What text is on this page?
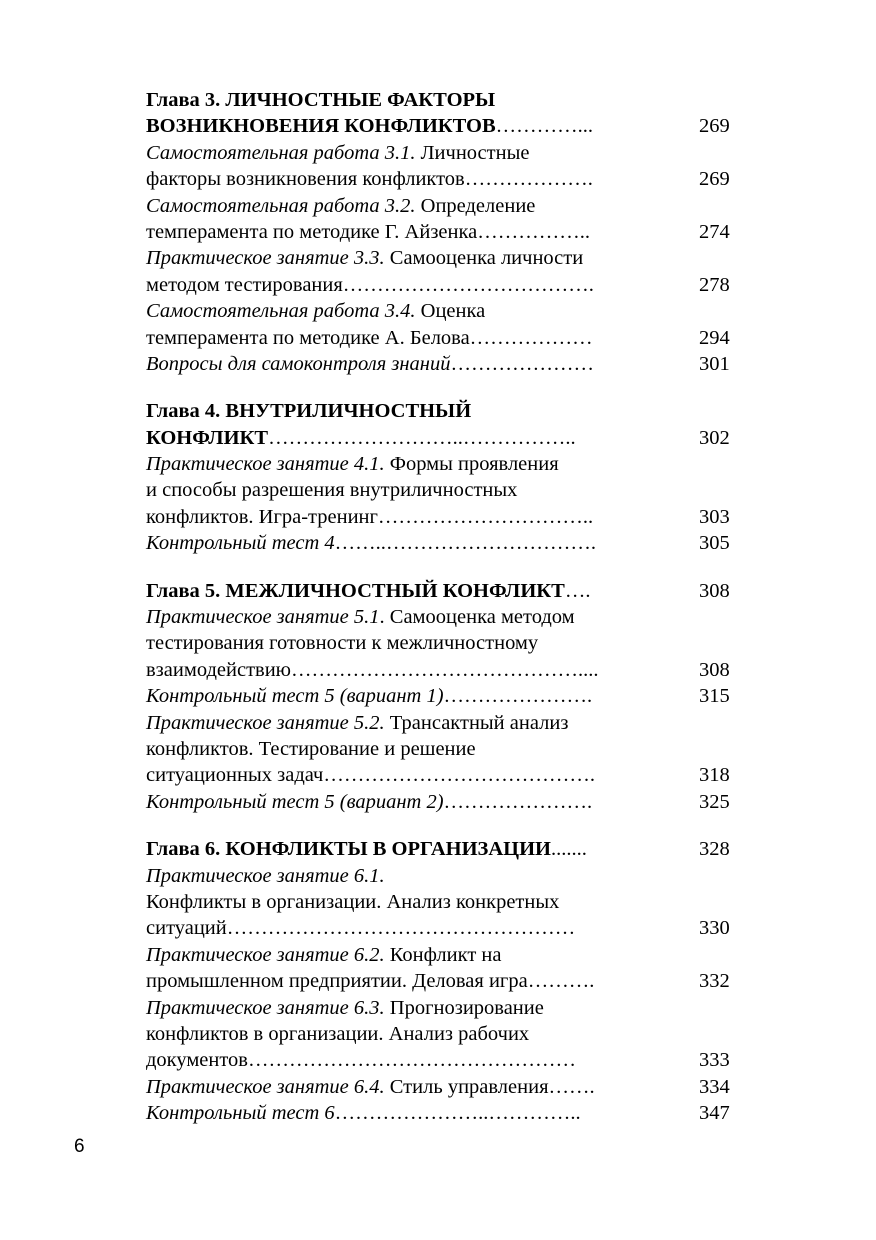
Глава 3. ЛИЧНОСТНЫЕ ФАКТОРЫ
ВОЗНИКНОВЕНИЯ КОНФЛИКТОВ…………...	269
Самостоятельная работа 3.1. Личностные
факторы возникновения конфликтов……………….	269
Самостоятельная работа 3.2. Определение
темперамента по методике Г. Айзенка……………..	274
Практическое занятие 3.3. Самооценка личности
методом тестирования……………………………….	278
Самостоятельная работа 3.4. Оценка
темперамента по методике А. Белова………………	294
Вопросы для самоконтроля знаний…………………	301
Глава 4. ВНУТРИЛИЧНОСТНЫЙ
КОНФЛИКТ………………………..……………..	302
Практическое занятие 4.1. Формы проявления
и способы разрешения внутриличностных
конфликтов. Игра-тренинг…………………………..	303
Контрольный тест 4……..………………………….	305
Глава 5. МЕЖЛИЧНОСТНЫЙ КОНФЛИКТ….	308
Практическое занятие 5.1. Самооценка методом
тестирования готовности к межличностному
взаимодействию……………………………………....	308
Контрольный тест 5 (вариант 1)………………….	315
Практическое занятие 5.2. Трансактный анализ
конфликтов. Тестирование и решение
ситуационных задач………………………………….	318
Контрольный тест 5 (вариант 2)………………….	325
Глава 6. КОНФЛИКТЫ В ОРГАНИЗАЦИИ.......	328
Практическое занятие 6.1.
Конфликты в организации. Анализ конкретных
ситуаций……………………………………………	330
Практическое занятие 6.2. Конфликт на
промышленном предприятии. Деловая игра……….	332
Практическое занятие 6.3. Прогнозирование
конфликтов в организации. Анализ рабочих
документов…………………………………………	333
Практическое занятие 6.4. Стиль управления…….	334
Контрольный тест 6…………………..…………..	347
6
